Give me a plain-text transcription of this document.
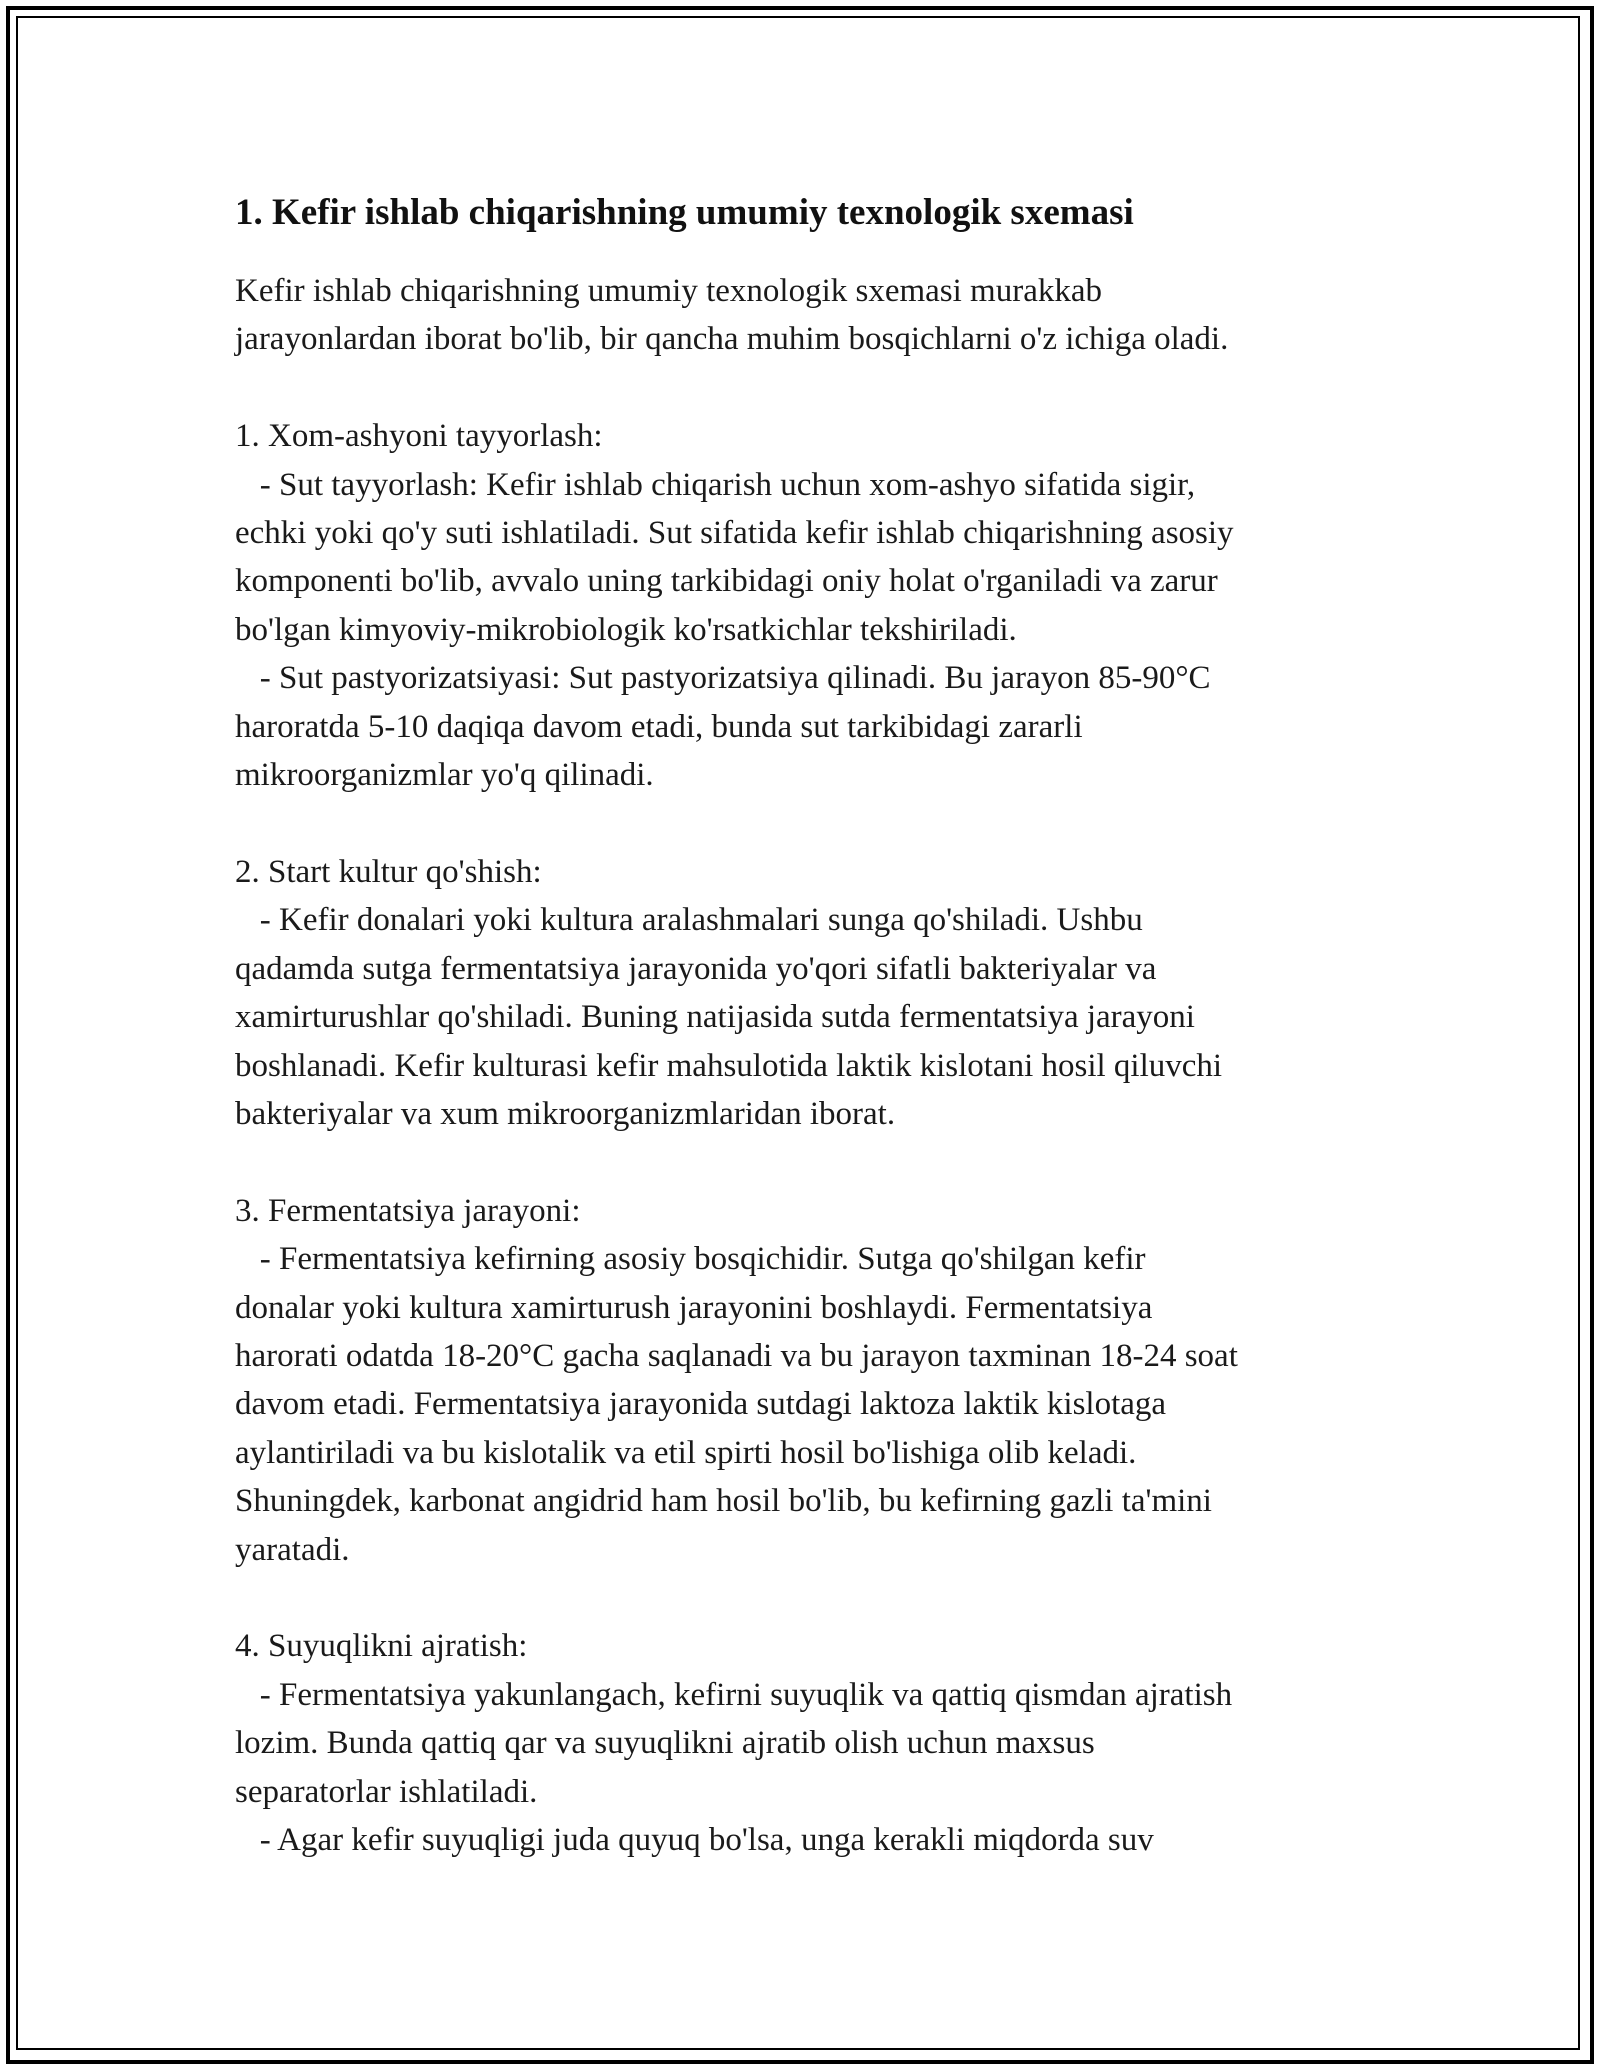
1. Kefir ishlab chiqarishning umumiy texnologik sxemasi
Kefir ishlab chiqarishning umumiy texnologik sxemasi murakkab
jarayonlardan iborat bo'lib, bir qancha muhim bosqichlarni o'z ichiga oladi.

1. Xom-ashyoni tayyorlash:
- Sut tayyorlash: Kefir ishlab chiqarish uchun xom-ashyo sifatida sigir,
echki yoki qo'y suti ishlatiladi. Sut sifatida kefir ishlab chiqarishning asosiy
komponenti bo'lib, avvalo uning tarkibidagi oniy holat o'rganiladi va zarur
bo'lgan kimyoviy-mikrobiologik ko'rsatkichlar tekshiriladi.
- Sut pastyorizatsiyasi: Sut pastyorizatsiya qilinadi. Bu jarayon 85-90°C
haroratda 5-10 daqiqa davom etadi, bunda sut tarkibidagi zararli
mikroorganizmlar yo'q qilinadi.

2. Start kultur qo'shish:
- Kefir donalari yoki kultura aralashmalari sunga qo'shiladi. Ushbu
qadamda sutga fermentatsiya jarayonida yo'qori sifatli bakteriyalar va
xamirturushlar qo'shiladi. Buning natijasida sutda fermentatsiya jarayoni
boshlanadi. Kefir kulturasi kefir mahsulotida laktik kislotani hosil qiluvchi
bakteriyalar va xum mikroorganizmlaridan iborat.

3. Fermentatsiya jarayoni:
- Fermentatsiya kefirning asosiy bosqichidir. Sutga qo'shilgan kefir
donalar yoki kultura xamirturush jarayonini boshlaydi. Fermentatsiya
harorati odatda 18-20°C gacha saqlanadi va bu jarayon taxminan 18-24 soat
davom etadi. Fermentatsiya jarayonida sutdagi laktoza laktik kislotaga
aylantiriladi va bu kislotalik va etil spirti hosil bo'lishiga olib keladi.
Shuningdek, karbonat angidrid ham hosil bo'lib, bu kefirning gazli ta'mini
yaratadi.

4. Suyuqlikni ajratish:
- Fermentatsiya yakunlangach, kefirni suyuqlik va qattiq qismdan ajratish
lozim. Bunda qattiq qar va suyuqlikni ajratib olish uchun maxsus
separatorlar ishlatiladi.
- Agar kefir suyuqligi juda quyuq bo'lsa, unga kerakli miqdorda suv
